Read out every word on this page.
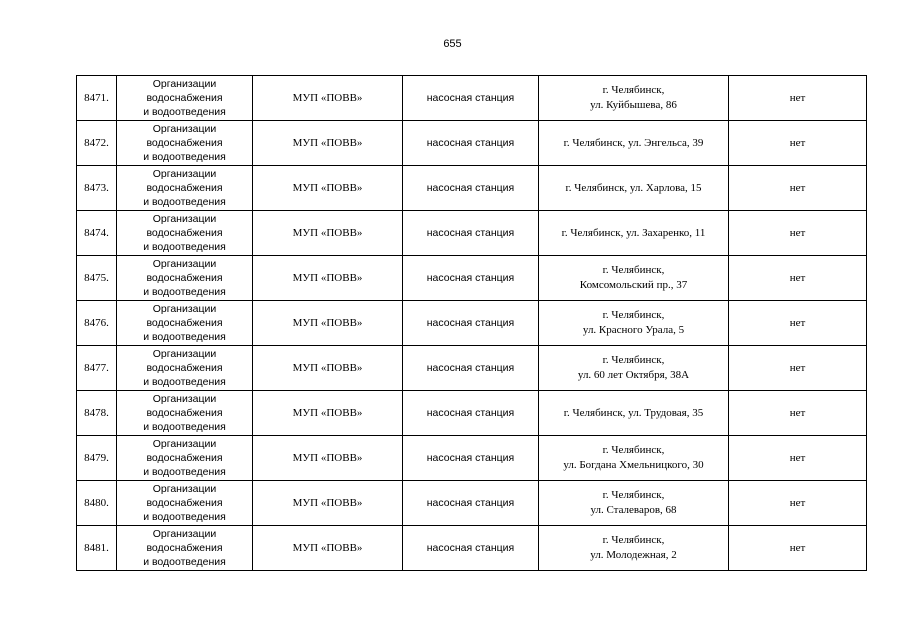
655
8471.	Организации
водоснабжения
и водоотведения	МУП «ПОВВ»	насосная станция	г. Челябинск,
ул. Куйбышева, 86	нет
8472.	Организации
водоснабжения
и водоотведения	МУП «ПОВВ»	насосная станция	г. Челябинск, ул. Энгельса, 39	нет
8473.	Организации
водоснабжения
и водоотведения	МУП «ПОВВ»	насосная станция	г. Челябинск, ул. Харлова, 15	нет
8474.	Организации
водоснабжения
и водоотведения	МУП «ПОВВ»	насосная станция	г. Челябинск, ул. Захаренко, 11	нет
8475.	Организации
водоснабжения
и водоотведения	МУП «ПОВВ»	насосная станция	г. Челябинск,
Комсомольский пр., 37	нет
8476.	Организации
водоснабжения
и водоотведения	МУП «ПОВВ»	насосная станция	г. Челябинск,
ул. Красного Урала, 5	нет
8477.	Организации
водоснабжения
и водоотведения	МУП «ПОВВ»	насосная станция	г. Челябинск,
ул. 60 лет Октября, 38А	нет
8478.	Организации
водоснабжения
и водоотведения	МУП «ПОВВ»	насосная станция	г. Челябинск, ул. Трудовая, 35	нет
8479.	Организации
водоснабжения
и водоотведения	МУП «ПОВВ»	насосная станция	г. Челябинск,
ул. Богдана Хмельницкого, 30	нет
8480.	Организации
водоснабжения
и водоотведения	МУП «ПОВВ»	насосная станция	г. Челябинск,
ул. Сталеваров, 68	нет
8481.	Организации
водоснабжения
и водоотведения	МУП «ПОВВ»	насосная станция	г. Челябинск,
ул. Молодежная, 2	нет
